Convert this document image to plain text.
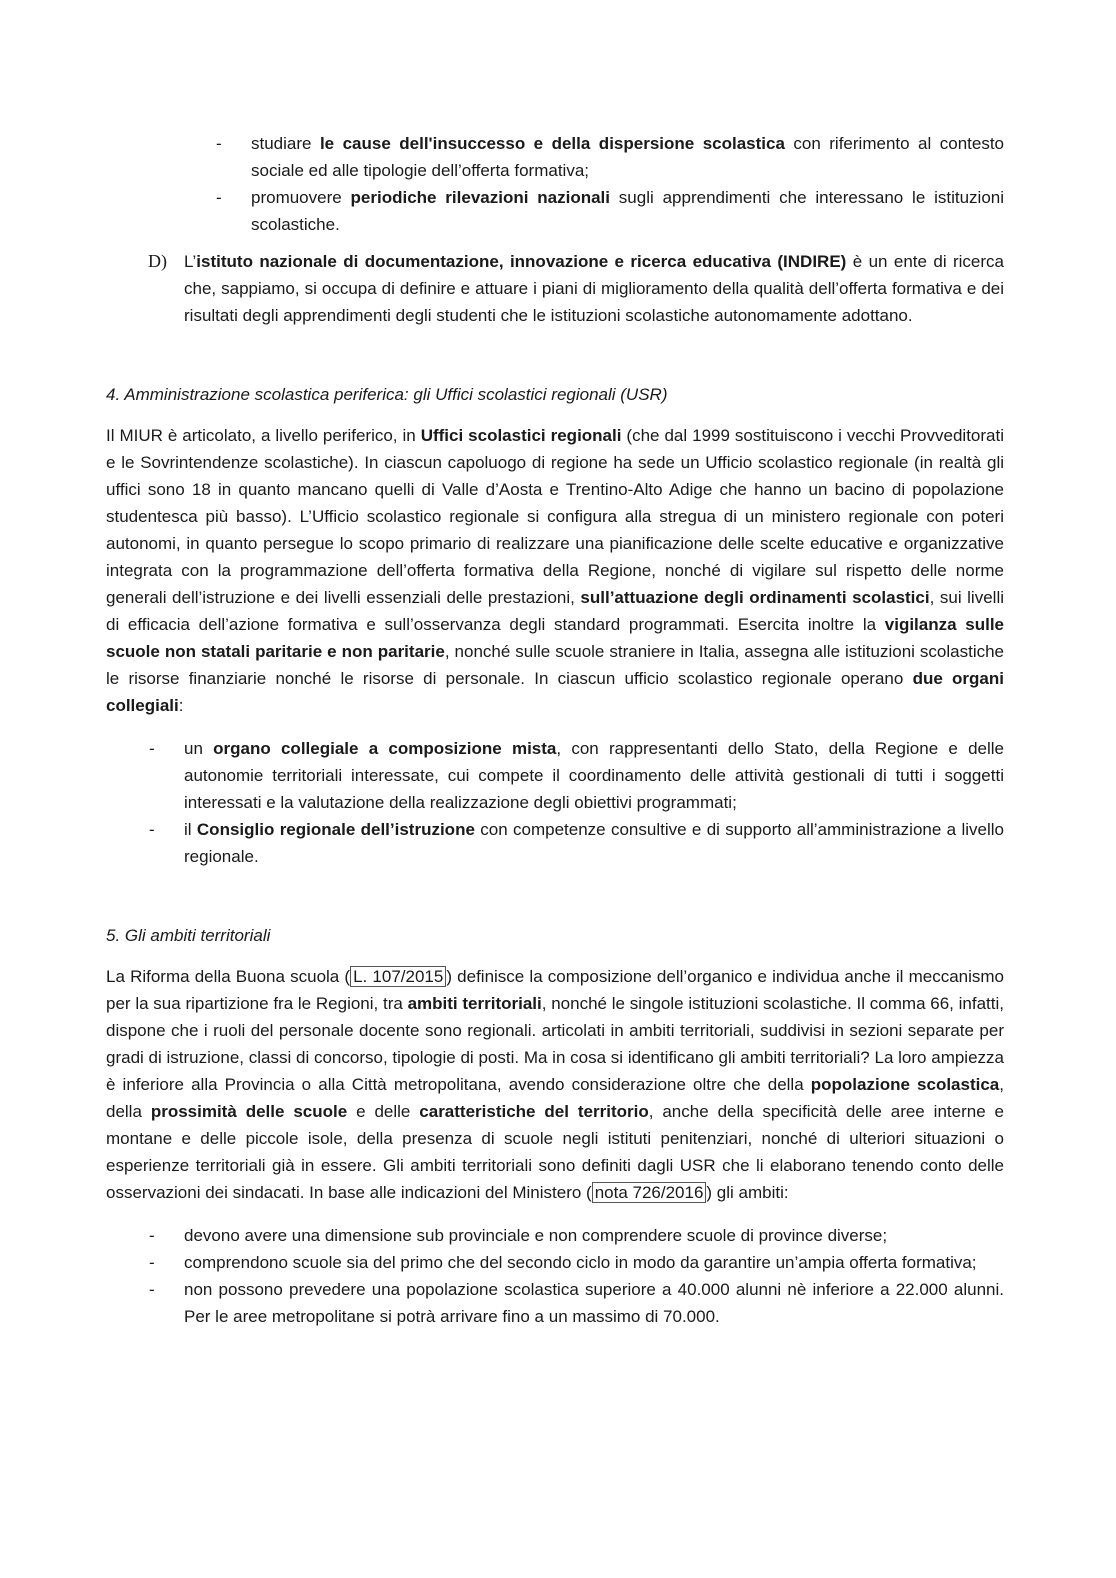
- studiare le cause dell'insuccesso e della dispersione scolastica con riferimento al contesto sociale ed alle tipologie dell’offerta formativa;
- promuovere periodiche rilevazioni nazionali sugli apprendimenti che interessano le istituzioni scolastiche.
D) L’istituto nazionale di documentazione, innovazione e ricerca educativa (INDIRE) è un ente di ricerca che, sappiamo, si occupa di definire e attuare i piani di miglioramento della qualità dell’offerta formativa e dei risultati degli apprendimenti degli studenti che le istituzioni scolastiche autonomamente adottano.

4. Amministrazione scolastica periferica: gli Uffici scolastici regionali (USR)

Il MIUR è articolato, a livello periferico, in Uffici scolastici regionali (che dal 1999 sostituiscono i vecchi Provveditorati e le Sovrintendenze scolastiche). In ciascun capoluogo di regione ha sede un Ufficio scolastico regionale (in realtà gli uffici sono 18 in quanto mancano quelli di Valle d’Aosta e Trentino-Alto Adige che hanno un bacino di popolazione studentesca più basso). L’Ufficio scolastico regionale si configura alla stregua di un ministero regionale con poteri autonomi, in quanto persegue lo scopo primario di realizzare una pianificazione delle scelte educative e organizzative integrata con la programmazione dell’offerta formativa della Regione, nonché di vigilare sul rispetto delle norme generali dell’istruzione e dei livelli essenziali delle prestazioni, sull’attuazione degli ordinamenti scolastici, sui livelli di efficacia dell’azione formativa e sull’osservanza degli standard programmati. Esercita inoltre la vigilanza sulle scuole non statali paritarie e non paritarie, nonché sulle scuole straniere in Italia, assegna alle istituzioni scolastiche le risorse finanziarie nonché le risorse di personale. In ciascun ufficio scolastico regionale operano due organi collegiali:

- un organo collegiale a composizione mista, con rappresentanti dello Stato, della Regione e delle autonomie territoriali interessate, cui compete il coordinamento delle attività gestionali di tutti i soggetti interessati e la valutazione della realizzazione degli obiettivi programmati;
- il Consiglio regionale dell’istruzione con competenze consultive e di supporto all’amministrazione a livello regionale.

5. Gli ambiti territoriali

La Riforma della Buona scuola ( L. 107/2015 ) definisce la composizione dell’organico e individua anche il meccanismo per la sua ripartizione fra le Regioni, tra ambiti territoriali, nonché le singole istituzioni scolastiche. Il comma 66, infatti, dispone che i ruoli del personale docente sono regionali. articolati in ambiti territoriali, suddivisi in sezioni separate per gradi di istruzione, classi di concorso, tipologie di posti. Ma in cosa si identificano gli ambiti territoriali? La loro ampiezza è inferiore alla Provincia o alla Città metropolitana, avendo considerazione oltre che della popolazione scolastica, della prossimità delle scuole e delle caratteristiche del territorio, anche della specificità delle aree interne e montane e delle piccole isole, della presenza di scuole negli istituti penitenziari, nonché di ulteriori situazioni o esperienze territoriali già in essere. Gli ambiti territoriali sono definiti dagli USR che li elaborano tenendo conto delle osservazioni dei sindacati. In base alle indicazioni del Ministero ( nota 726/2016 ) gli ambiti:

- devono avere una dimensione sub provinciale e non comprendere scuole di province diverse;
- comprendono scuole sia del primo che del secondo ciclo in modo da garantire un’ampia offerta formativa;
- non possono prevedere una popolazione scolastica superiore a 40.000 alunni nè inferiore a 22.000 alunni. Per le aree metropolitane si potrà arrivare fino a un massimo di 70.000.
